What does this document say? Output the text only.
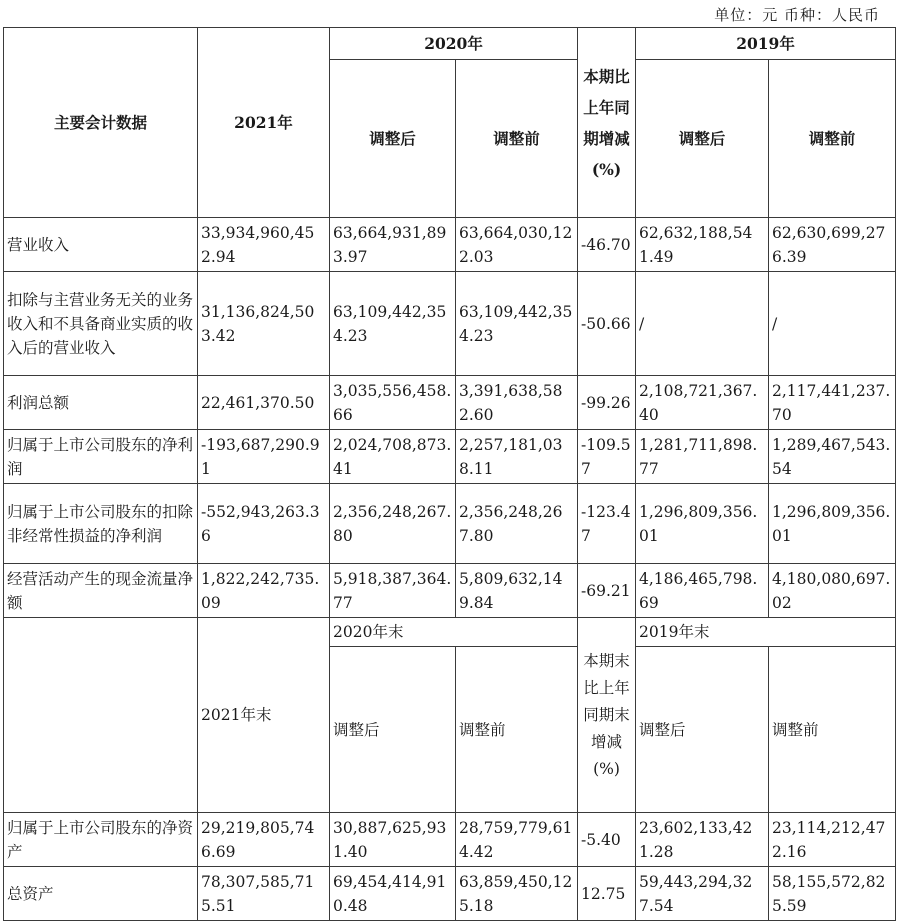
单位：元 币种：人民币
主要会计数据	2021年	2020年		本期比上年同期增减(%)	2019年	
		调整后	调整前		调整后	调整前
营业收入	33,934,960,452.94	63,664,931,893.97	63,664,030,122.03	-46.70	62,632,188,541.49	62,630,699,276.39
扣除与主营业务无关的业务收入和不具备商业实质的收入后的营业收入	31,136,824,503.42	63,109,442,354.23	63,109,442,354.23	-50.66	/	/
利润总额	22,461,370.50	3,035,556,458.66	3,391,638,582.60	-99.26	2,108,721,367.40	2,117,441,237.70
归属于上市公司股东的净利润	-193,687,290.91	2,024,708,873.41	2,257,181,038.11	-109.57	1,281,711,898.77	1,289,467,543.54
归属于上市公司股东的扣除非经常性损益的净利润	-552,943,263.36	2,356,248,267.80	2,356,248,267.80	-123.47	1,296,809,356.01	1,296,809,356.01
经营活动产生的现金流量净额	1,822,242,735.09	5,918,387,364.77	5,809,632,149.84	-69.21	4,186,465,798.69	4,180,080,697.02
	2021年末	2020年末		本期末比上年同期末增减(%)	2019年末	
		调整后	调整前		调整后	调整前
归属于上市公司股东的净资产	29,219,805,746.69	30,887,625,931.40	28,759,779,614.42	-5.40	23,602,133,421.28	23,114,212,472.16
总资产	78,307,585,715.51	69,454,414,910.48	63,859,450,125.18	12.75	59,443,294,327.54	58,155,572,825.59
